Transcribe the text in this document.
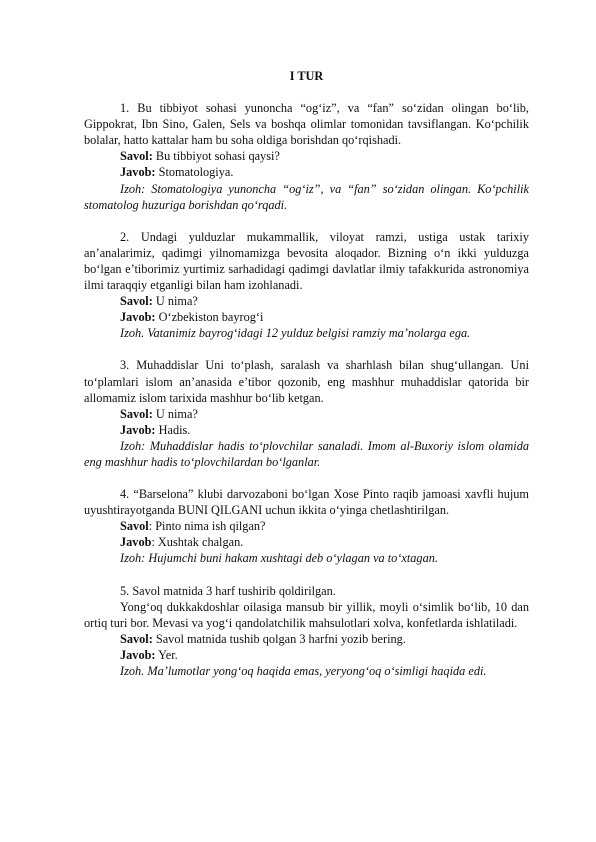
I TUR

1. Bu tibbiyot sohasi yunoncha “og‘iz”, va “fan” so‘zidan olingan bo‘lib, Gippokrat, Ibn Sino, Galen, Sels va boshqa olimlar tomonidan tavsiflangan. Ko‘pchilik bolalar, hatto kattalar ham bu soha oldiga borishdan qo‘rqishadi.

Savol: Bu tibbiyot sohasi qaysi?

Javob: Stomatologiya.

Izoh: Stomatologiya yunoncha “og‘iz”, va “fan” so‘zidan olingan. Ko‘pchilik stomatolog huzuriga borishdan qo‘rqadi.

2. Undagi yulduzlar mukammallik, viloyat ramzi, ustiga ustak tarixiy an’analarimiz, qadimgi yilnomamizga bevosita aloqador. Bizning o‘n ikki yulduzga bo‘lgan e’tiborimiz yurtimiz sarhadidagi qadimgi davlatlar ilmiy tafakkurida astronomiya ilmi taraqqiy etganligi bilan ham izohlanadi.

Savol: U nima?

Javob: O‘zbekiston bayrog‘i

Izoh. Vatanimiz bayrog‘idagi 12 yulduz belgisi ramziy ma’nolarga ega.

3. Muhaddislar Uni to‘plash, saralash va sharhlash bilan shug‘ullangan. Uni to‘plamlari islom an’anasida e’tibor qozonib, eng mashhur muhaddislar qatorida bir allomamiz islom tarixida mashhur bo‘lib ketgan.

Savol: U nima?

Javob: Hadis.

Izoh: Muhaddislar hadis to‘plovchilar sanaladi. Imom al-Buxoriy islom olamida eng mashhur hadis to‘plovchilardan bo‘lganlar.

4. “Barselona” klubi darvozaboni bo‘lgan Xose Pinto raqib jamoasi xavfli hujum uyushtirayotganda BUNI QILGANI uchun ikkita o‘yinga chetlashtirilgan.

Savol: Pinto nima ish qilgan?

Javob: Xushtak chalgan.

Izoh: Hujumchi buni hakam xushtagi deb o‘ylagan va to‘xtagan.

5. Savol matnida 3 harf tushirib qoldirilgan.

Yong‘oq dukkakdoshlar oilasiga mansub bir yillik, moyli o‘simlik bo‘lib, 10 dan ortiq turi bor. Mevasi va yog‘i qandolatchilik mahsulotlari xolva, konfetlarda ishlatiladi.

Savol: Savol matnida tushib qolgan 3 harfni yozib bering.

Javob: Yer.

Izoh. Ma’lumotlar yong‘oq haqida emas, yeryong‘oq o‘simligi haqida edi.
